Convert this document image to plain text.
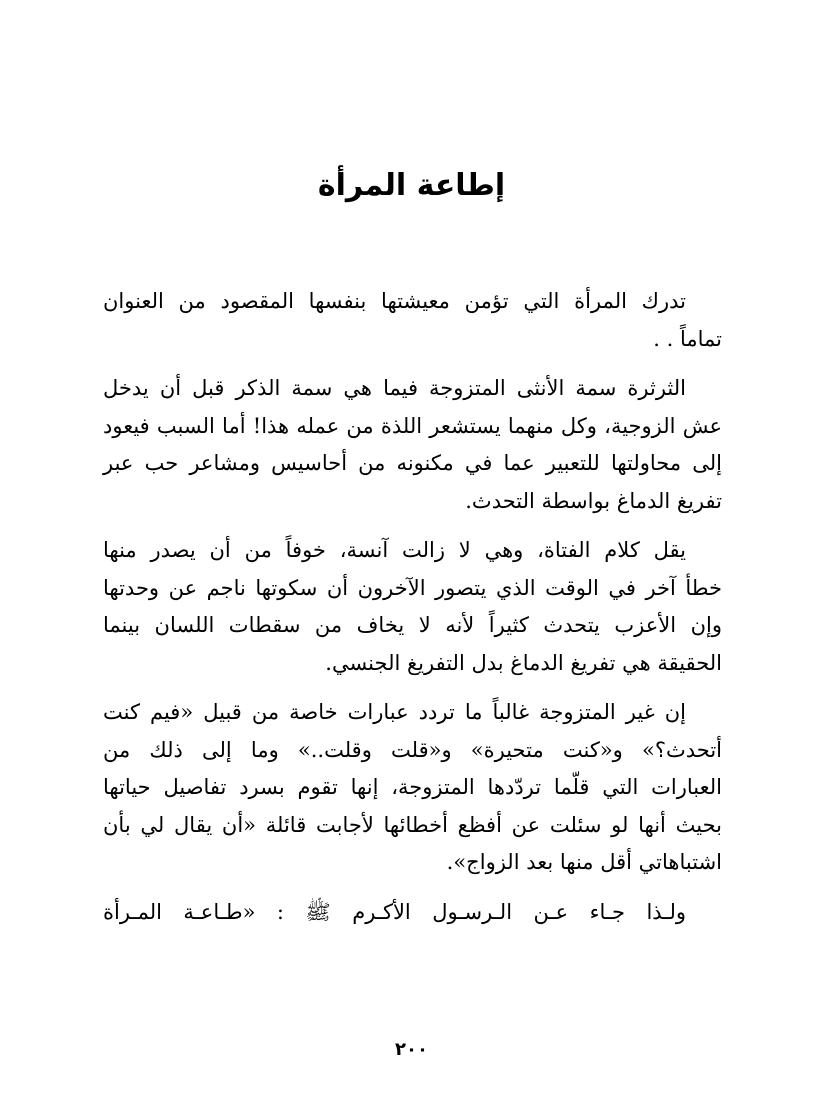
إطاعة المرأة
تدرك المرأة التي تؤمن معيشتها بنفسها المقصود من العنوان
تماماً . .
الثرثرة سمة الأنثى المتزوجة فيما هي سمة الذكر قبل أن يدخل
عش الزوجية، وكل منهما يستشعر اللذة من عمله هذا! أما السبب فيعود
إلى محاولتها للتعبير عما في مكنونه من أحاسيس ومشاعر حب عبر
تفريغ الدماغ بواسطة التحدث.
يقل كلام الفتاة، وهي لا زالت آنسة، خوفاً من أن يصدر منها
خطأ آخر في الوقت الذي يتصور الآخرون أن سكوتها ناجم عن وحدتها
وإن الأعزب يتحدث كثيراً لأنه لا يخاف من سقطات اللسان بينما
الحقيقة هي تفريغ الدماغ بدل التفريغ الجنسي.
إن غير المتزوجة غالباً ما تردد عبارات خاصة من قبيل «فيم كنت
أتحدث؟» و«كنت متحيرة» و«قلت وقلت..» وما إلى ذلك من
العبارات التي قلّما تردّدها المتزوجة، إنها تقوم بسرد تفاصيل حياتها
بحيث أنها لو سئلت عن أفظع أخطائها لأجابت قائلة «أن يقال لي بأن
اشتباهاتي أقل منها بعد الزواج».
ولـذا جـاء عـن الـرسـول الأكـرم ﷺ : «طـاعـة المـرأة
٢٠٠
